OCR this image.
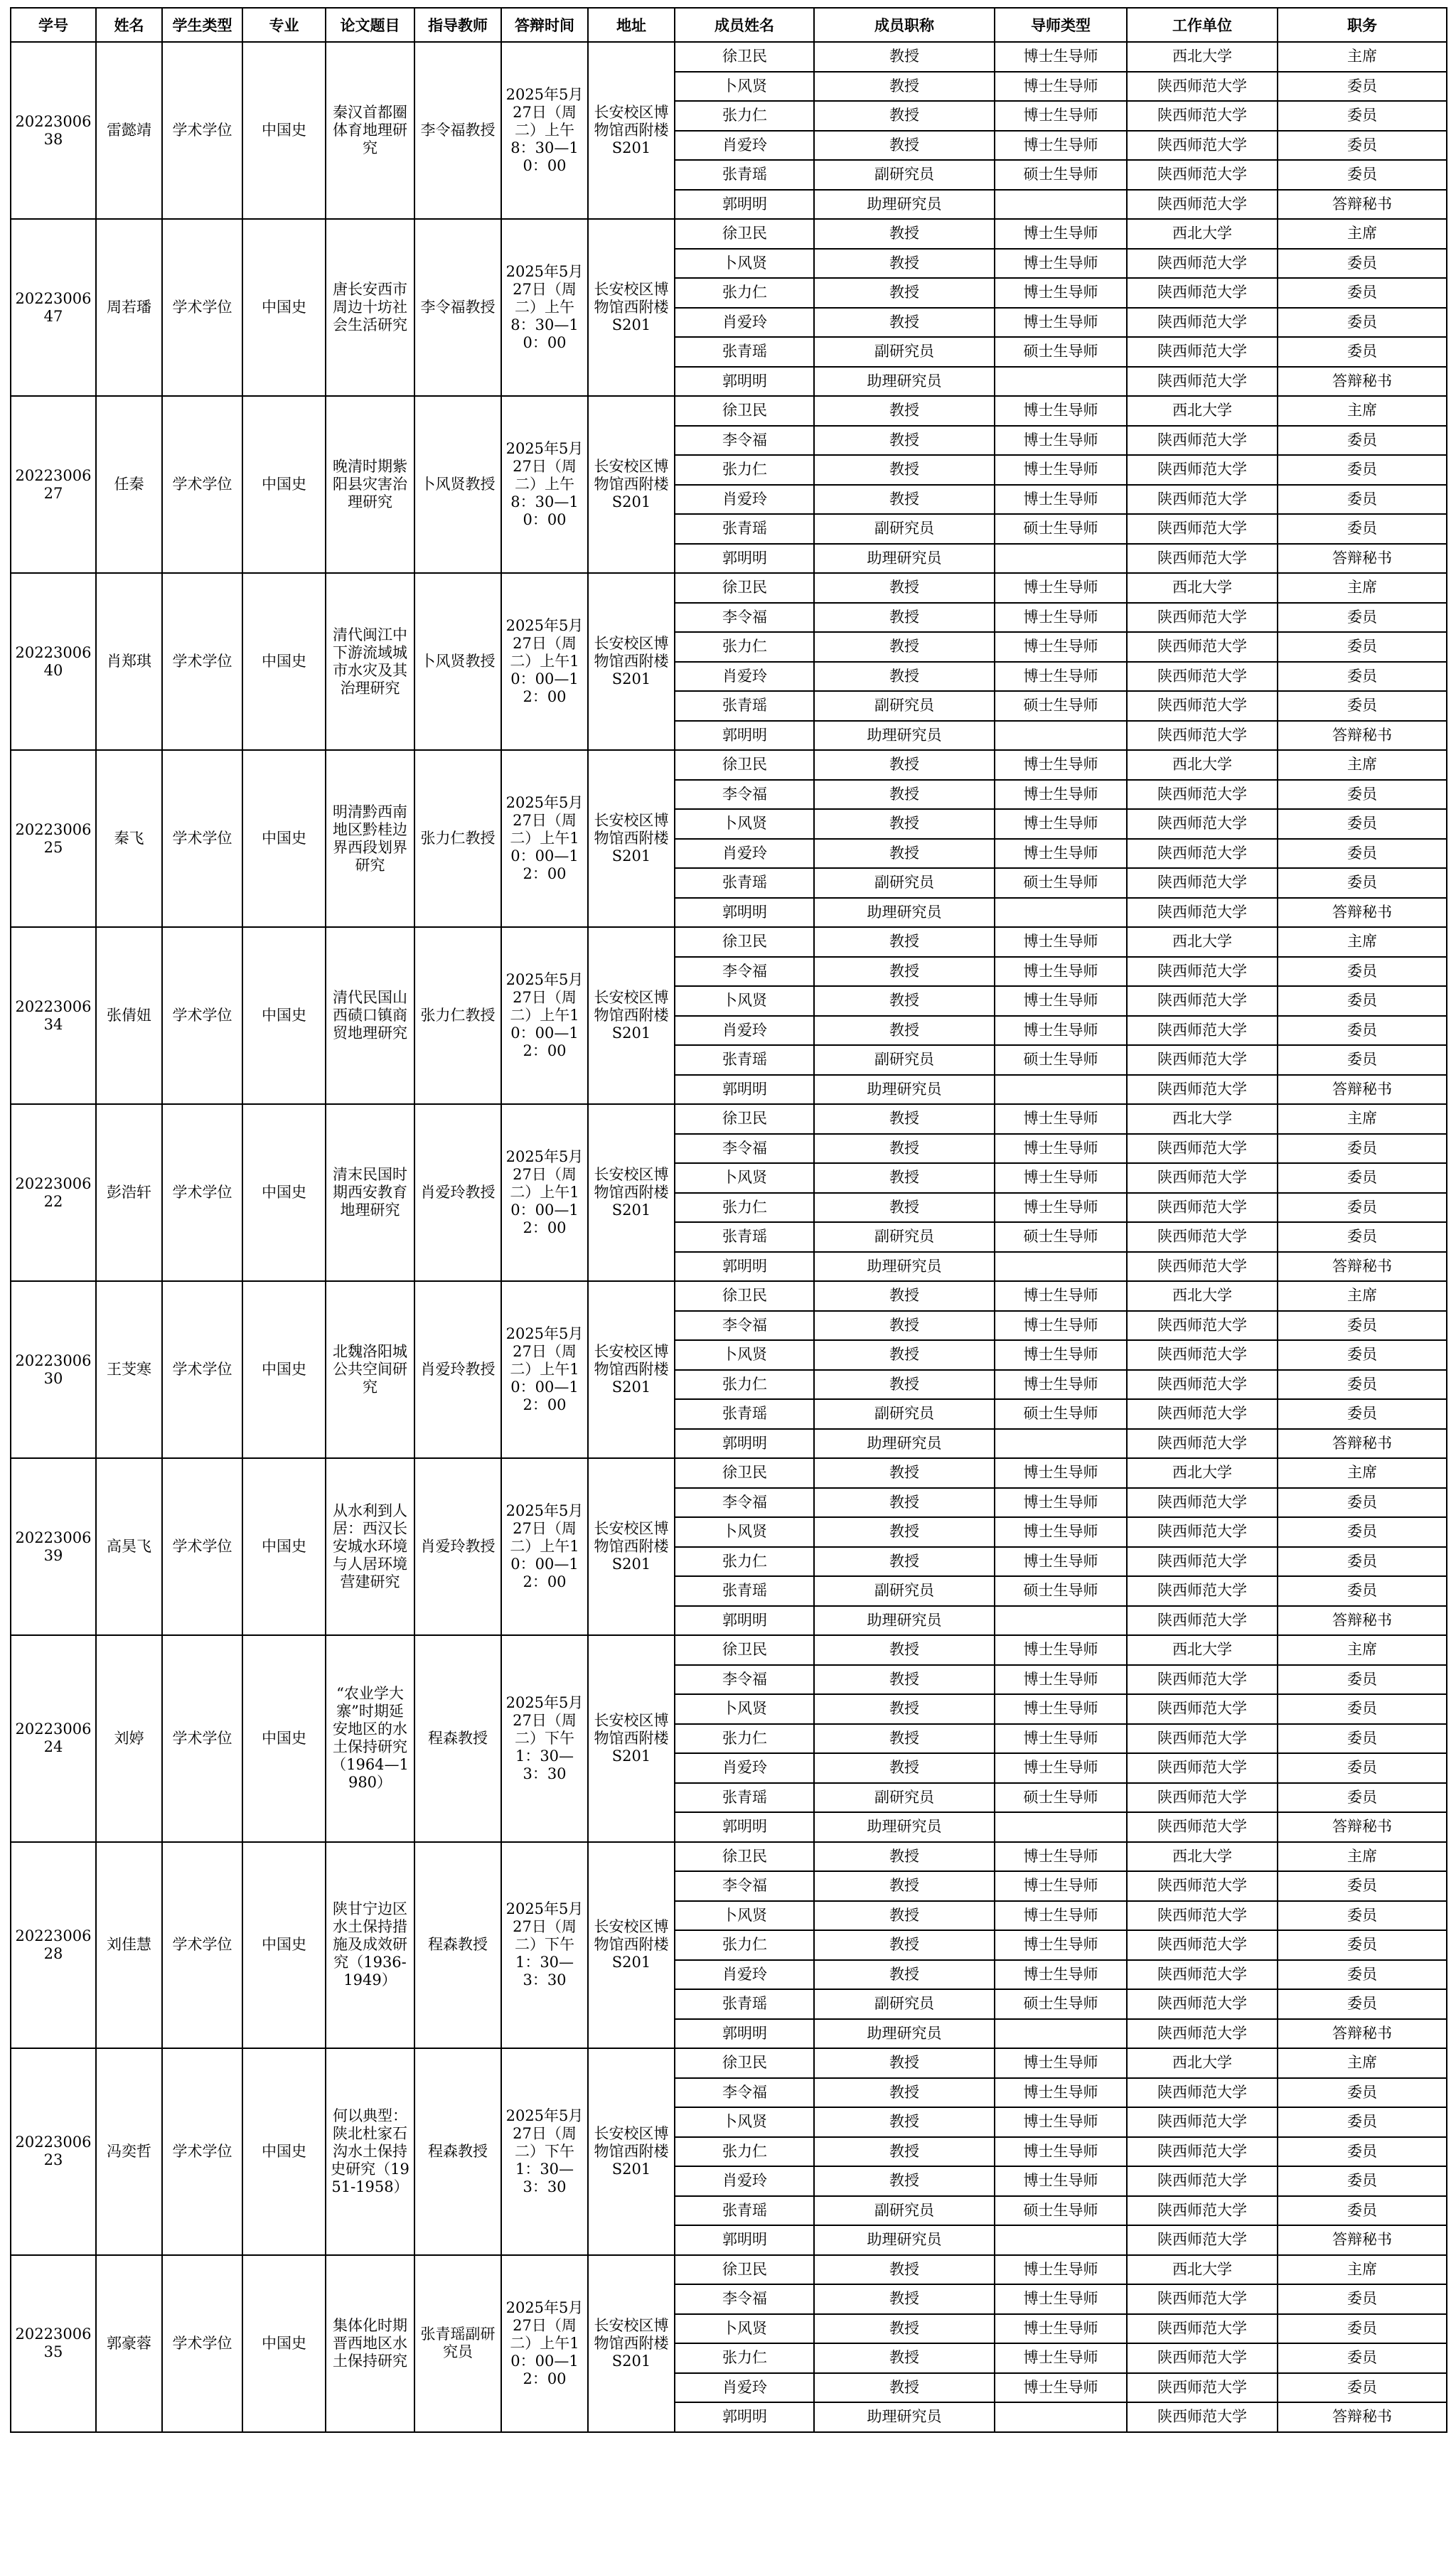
学号	姓名	学生类型	专业	论文题目	指导教师	答辩时间	地址	成员姓名	成员职称	导师类型	工作单位	职务
2022300638	雷懿靖	学术学位	中国史	秦汉首都圈体育地理研究	李令福教授	2025年5月27日（周二）上午8：30—10：00	长安校区博物馆西附楼S201	徐卫民	教授	博士生导师	西北大学	主席
								卜风贤	教授	博士生导师	陕西师范大学	委员
								张力仁	教授	博士生导师	陕西师范大学	委员
								肖爱玲	教授	博士生导师	陕西师范大学	委员
								张青瑶	副研究员	硕士生导师	陕西师范大学	委员
								郭明明	助理研究员		陕西师范大学	答辩秘书
2022300647	周若璠	学术学位	中国史	唐长安西市周边十坊社会生活研究	李令福教授	2025年5月27日（周二）上午8：30—10：00	长安校区博物馆西附楼S201	徐卫民	教授	博士生导师	西北大学	主席
								卜风贤	教授	博士生导师	陕西师范大学	委员
								张力仁	教授	博士生导师	陕西师范大学	委员
								肖爱玲	教授	博士生导师	陕西师范大学	委员
								张青瑶	副研究员	硕士生导师	陕西师范大学	委员
								郭明明	助理研究员		陕西师范大学	答辩秘书
2022300627	任秦	学术学位	中国史	晚清时期紫阳县灾害治理研究	卜风贤教授	2025年5月27日（周二）上午8：30—10：00	长安校区博物馆西附楼S201	徐卫民	教授	博士生导师	西北大学	主席
								李令福	教授	博士生导师	陕西师范大学	委员
								张力仁	教授	博士生导师	陕西师范大学	委员
								肖爱玲	教授	博士生导师	陕西师范大学	委员
								张青瑶	副研究员	硕士生导师	陕西师范大学	委员
								郭明明	助理研究员		陕西师范大学	答辩秘书
2022300640	肖郑琪	学术学位	中国史	清代闽江中下游流域城市水灾及其治理研究	卜风贤教授	2025年5月27日（周二）上午10：00—12：00	长安校区博物馆西附楼S201	徐卫民	教授	博士生导师	西北大学	主席
								李令福	教授	博士生导师	陕西师范大学	委员
								张力仁	教授	博士生导师	陕西师范大学	委员
								肖爱玲	教授	博士生导师	陕西师范大学	委员
								张青瑶	副研究员	硕士生导师	陕西师范大学	委员
								郭明明	助理研究员		陕西师范大学	答辩秘书
2022300625	秦飞	学术学位	中国史	明清黔西南地区黔桂边界西段划界研究	张力仁教授	2025年5月27日（周二）上午10：00—12：00	长安校区博物馆西附楼S201	徐卫民	教授	博士生导师	西北大学	主席
								李令福	教授	博士生导师	陕西师范大学	委员
								卜风贤	教授	博士生导师	陕西师范大学	委员
								肖爱玲	教授	博士生导师	陕西师范大学	委员
								张青瑶	副研究员	硕士生导师	陕西师范大学	委员
								郭明明	助理研究员		陕西师范大学	答辩秘书
2022300634	张倩妞	学术学位	中国史	清代民国山西碛口镇商贸地理研究	张力仁教授	2025年5月27日（周二）上午10：00—12：00	长安校区博物馆西附楼S201	徐卫民	教授	博士生导师	西北大学	主席
								李令福	教授	博士生导师	陕西师范大学	委员
								卜风贤	教授	博士生导师	陕西师范大学	委员
								肖爱玲	教授	博士生导师	陕西师范大学	委员
								张青瑶	副研究员	硕士生导师	陕西师范大学	委员
								郭明明	助理研究员		陕西师范大学	答辩秘书
2022300622	彭浩轩	学术学位	中国史	清末民国时期西安教育地理研究	肖爱玲教授	2025年5月27日（周二）上午10：00—12：00	长安校区博物馆西附楼S201	徐卫民	教授	博士生导师	西北大学	主席
								李令福	教授	博士生导师	陕西师范大学	委员
								卜风贤	教授	博士生导师	陕西师范大学	委员
								张力仁	教授	博士生导师	陕西师范大学	委员
								张青瑶	副研究员	硕士生导师	陕西师范大学	委员
								郭明明	助理研究员		陕西师范大学	答辩秘书
2022300630	王芠寒	学术学位	中国史	北魏洛阳城公共空间研究	肖爱玲教授	2025年5月27日（周二）上午10：00—12：00	长安校区博物馆西附楼S201	徐卫民	教授	博士生导师	西北大学	主席
								李令福	教授	博士生导师	陕西师范大学	委员
								卜风贤	教授	博士生导师	陕西师范大学	委员
								张力仁	教授	博士生导师	陕西师范大学	委员
								张青瑶	副研究员	硕士生导师	陕西师范大学	委员
								郭明明	助理研究员		陕西师范大学	答辩秘书
2022300639	高昊飞	学术学位	中国史	从水利到人居：西汉长安城水环境与人居环境营建研究	肖爱玲教授	2025年5月27日（周二）上午10：00—12：00	长安校区博物馆西附楼S201	徐卫民	教授	博士生导师	西北大学	主席
								李令福	教授	博士生导师	陕西师范大学	委员
								卜风贤	教授	博士生导师	陕西师范大学	委员
								张力仁	教授	博士生导师	陕西师范大学	委员
								张青瑶	副研究员	硕士生导师	陕西师范大学	委员
								郭明明	助理研究员		陕西师范大学	答辩秘书
2022300624	刘婷	学术学位	中国史	“农业学大寨”时期延安地区的水土保持研究（1964—1980）	程森教授	2025年5月27日（周二）下午1：30—3：30	长安校区博物馆西附楼S201	徐卫民	教授	博士生导师	西北大学	主席
								李令福	教授	博士生导师	陕西师范大学	委员
								卜风贤	教授	博士生导师	陕西师范大学	委员
								张力仁	教授	博士生导师	陕西师范大学	委员
								肖爱玲	教授	博士生导师	陕西师范大学	委员
								张青瑶	副研究员	硕士生导师	陕西师范大学	委员
								郭明明	助理研究员		陕西师范大学	答辩秘书
2022300628	刘佳慧	学术学位	中国史	陕甘宁边区水土保持措施及成效研究（1936-1949）	程森教授	2025年5月27日（周二）下午1：30—3：30	长安校区博物馆西附楼S201	徐卫民	教授	博士生导师	西北大学	主席
								李令福	教授	博士生导师	陕西师范大学	委员
								卜风贤	教授	博士生导师	陕西师范大学	委员
								张力仁	教授	博士生导师	陕西师范大学	委员
								肖爱玲	教授	博士生导师	陕西师范大学	委员
								张青瑶	副研究员	硕士生导师	陕西师范大学	委员
								郭明明	助理研究员		陕西师范大学	答辩秘书
2022300623	冯奕哲	学术学位	中国史	何以典型：陕北杜家石沟水土保持史研究（1951-1958）	程森教授	2025年5月27日（周二）下午1：30—3：30	长安校区博物馆西附楼S201	徐卫民	教授	博士生导师	西北大学	主席
								李令福	教授	博士生导师	陕西师范大学	委员
								卜风贤	教授	博士生导师	陕西师范大学	委员
								张力仁	教授	博士生导师	陕西师范大学	委员
								肖爱玲	教授	博士生导师	陕西师范大学	委员
								张青瑶	副研究员	硕士生导师	陕西师范大学	委员
								郭明明	助理研究员		陕西师范大学	答辩秘书
2022300635	郭豪蓉	学术学位	中国史	集体化时期晋西地区水土保持研究	张青瑶副研究员	2025年5月27日（周二）上午10：00—12：00	长安校区博物馆西附楼S201	徐卫民	教授	博士生导师	西北大学	主席
								李令福	教授	博士生导师	陕西师范大学	委员
								卜风贤	教授	博士生导师	陕西师范大学	委员
								张力仁	教授	博士生导师	陕西师范大学	委员
								肖爱玲	教授	博士生导师	陕西师范大学	委员
								郭明明	助理研究员		陕西师范大学	答辩秘书
